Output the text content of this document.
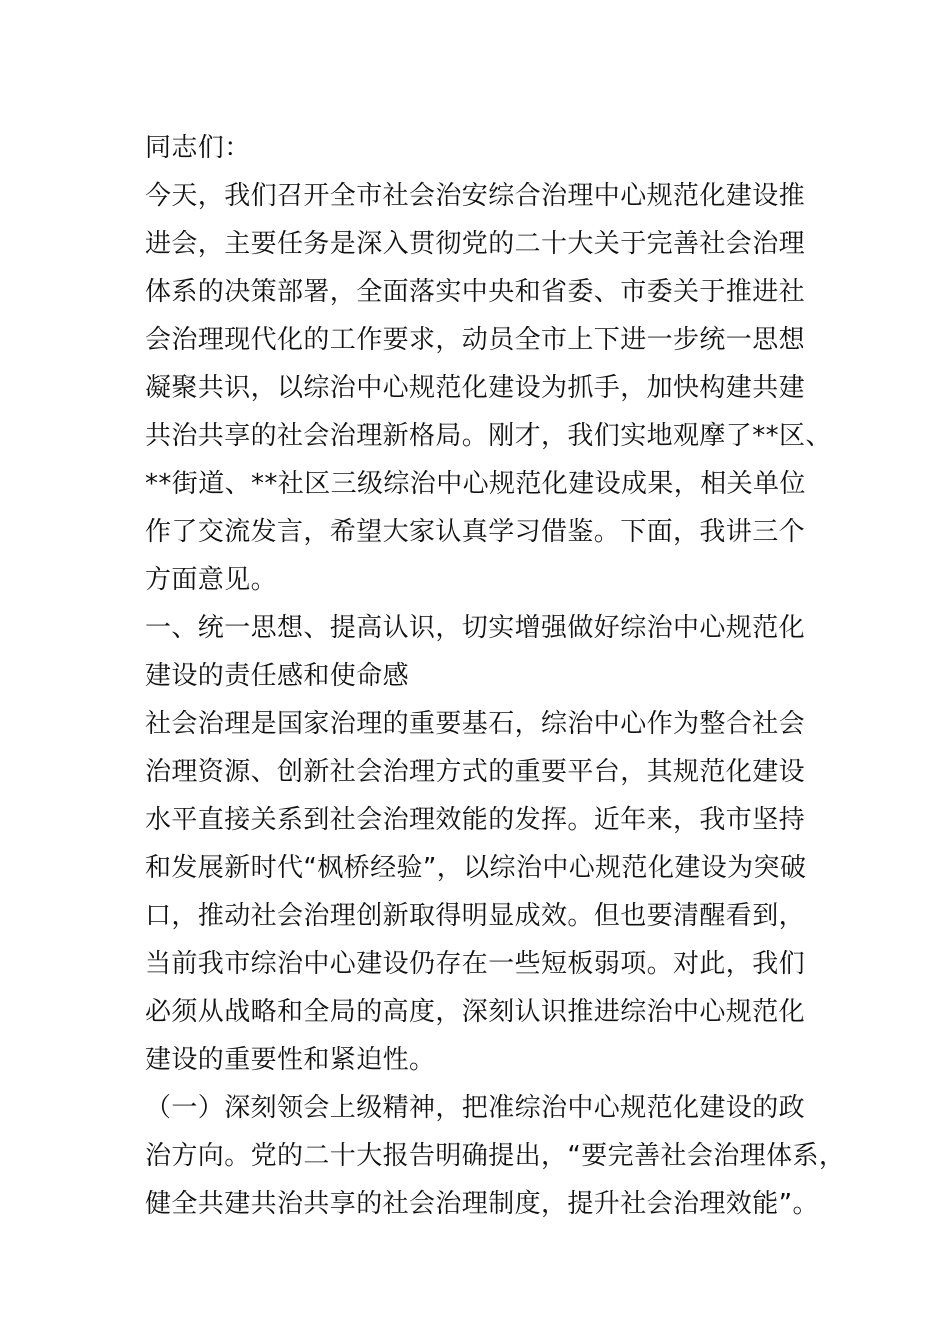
同志们：
今天，我们召开全市社会治安综合治理中心规范化建设推
进会，主要任务是深入贯彻党的二十大关于完善社会治理
体系的决策部署，全面落实中央和省委、市委关于推进社
会治理现代化的工作要求，动员全市上下进一步统一思想
凝聚共识，以综治中心规范化建设为抓手，加快构建共建
共治共享的社会治理新格局。刚才，我们实地观摩了**区、
**街道、**社区三级综治中心规范化建设成果，相关单位
作了交流发言，希望大家认真学习借鉴。下面，我讲三个
方面意见。
一、统一思想、提高认识，切实增强做好综治中心规范化
建设的责任感和使命感
社会治理是国家治理的重要基石，综治中心作为整合社会
治理资源、创新社会治理方式的重要平台，其规范化建设
水平直接关系到社会治理效能的发挥。近年来，我市坚持
和发展新时代“枫桥经验”，以综治中心规范化建设为突破
口，推动社会治理创新取得明显成效。但也要清醒看到，
当前我市综治中心建设仍存在一些短板弱项。对此，我们
必须从战略和全局的高度，深刻认识推进综治中心规范化
建设的重要性和紧迫性。
（一）深刻领会上级精神，把准综治中心规范化建设的政
治方向。党的二十大报告明确提出，“要完善社会治理体系，
健全共建共治共享的社会治理制度，提升社会治理效能”。
